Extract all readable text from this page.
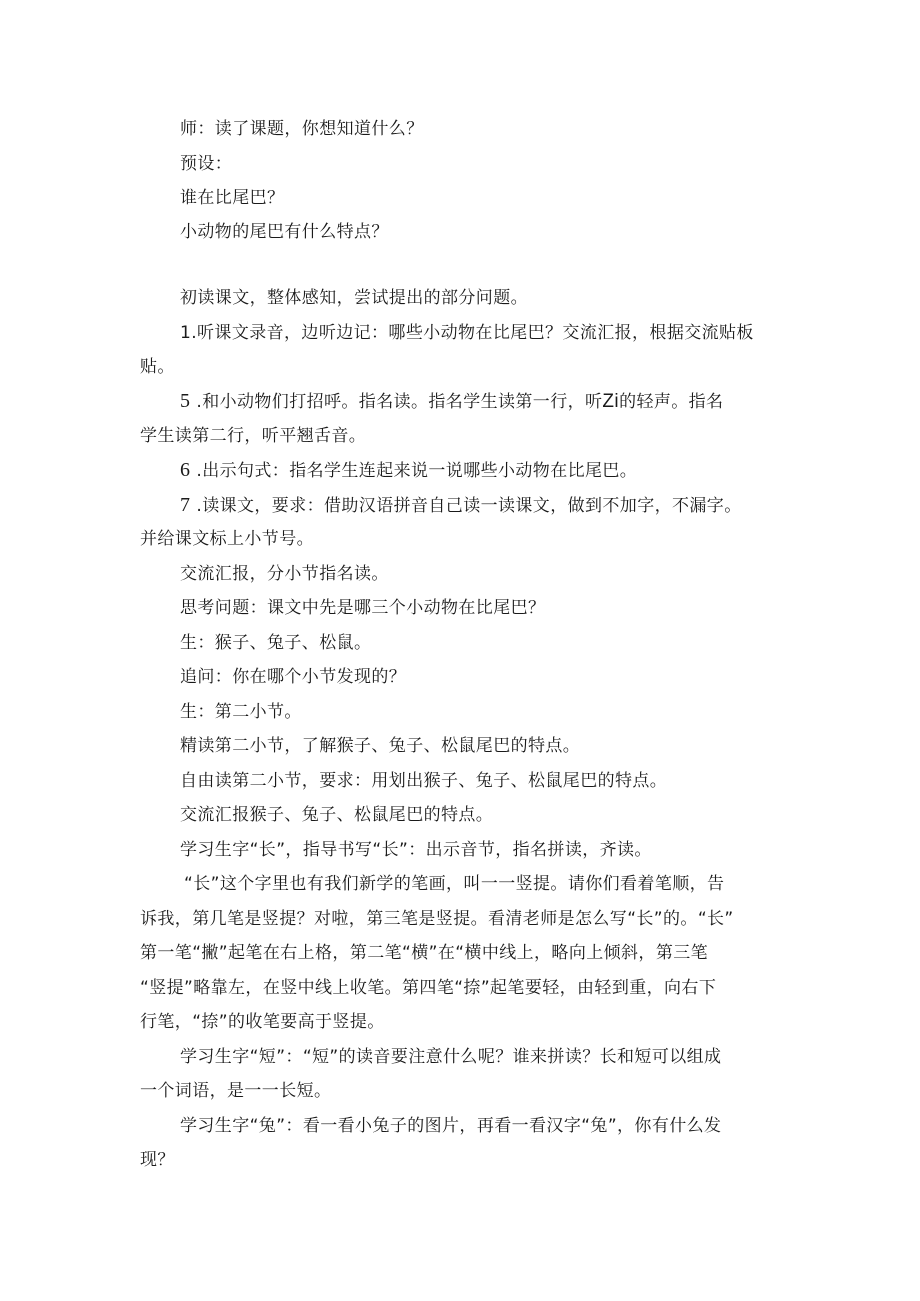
师：读了课题，你想知道什么？
预设：
谁在比尾巴？
小动物的尾巴有什么特点？
初读课文，整体感知，尝试提出的部分问题。
1.听课文录音，边听边记：哪些小动物在比尾巴？交流汇报，根据交流贴板
贴。
5 .和小动物们打招呼。指名读。指名学生读第一行，听Zi的轻声。指名
学生读第二行，听平翘舌音。
6 .出示句式：指名学生连起来说一说哪些小动物在比尾巴。
7 .读课文，要求：借助汉语拼音自己读一读课文，做到不加字，不漏字。
并给课文标上小节号。
交流汇报，分小节指名读。
思考问题：课文中先是哪三个小动物在比尾巴？
生：猴子、兔子、松鼠。
追问：你在哪个小节发现的？
生：第二小节。
精读第二小节，了解猴子、兔子、松鼠尾巴的特点。
自由读第二小节，要求：用划出猴子、兔子、松鼠尾巴的特点。
交流汇报猴子、兔子、松鼠尾巴的特点。
学习生字“长”，指导书写“长”：出示音节，指名拼读，齐读。
“长”这个字里也有我们新学的笔画，叫一一竖提。请你们看着笔顺，告
诉我，第几笔是竖提？对啦，第三笔是竖提。看清老师是怎么写“长”的。“长”
第一笔“撇”起笔在右上格，第二笔“横”在“横中线上，略向上倾斜，第三笔
“竖提”略靠左，在竖中线上收笔。第四笔“捺”起笔要轻，由轻到重，向右下
行笔，“捺”的收笔要高于竖提。
学习生字“短”：“短”的读音要注意什么呢？谁来拼读？长和短可以组成
一个词语，是一一长短。
学习生字“兔”：看一看小兔子的图片，再看一看汉字“兔”，你有什么发
现？
